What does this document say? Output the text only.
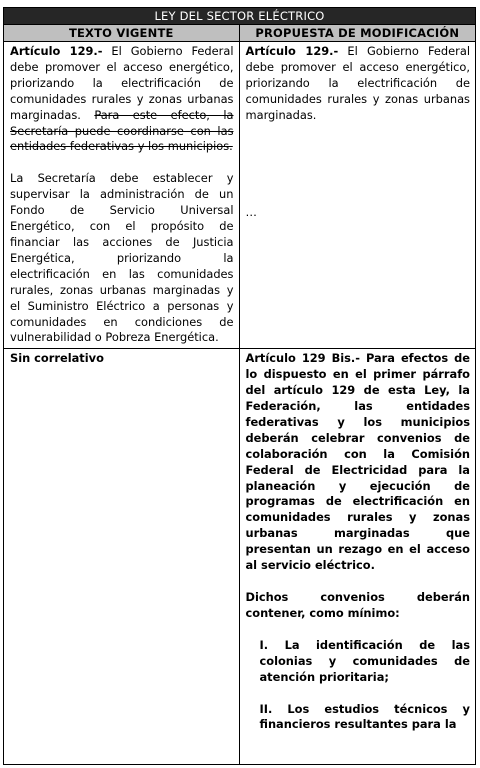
LEY DEL SECTOR ELÉCTRICO
TEXTO VIGENTE	PROPUESTA DE MODIFICACIÓN

Artículo 129.- El Gobierno Federal debe promover el acceso energético, priorizando la electrificación de comunidades rurales y zonas urbanas marginadas. Para este efecto, la Secretaría puede coordinarse con las entidades federativas y los municipios.

La Secretaría debe establecer y supervisar la administración de un Fondo de Servicio Universal Energético, con el propósito de financiar las acciones de Justicia Energética, priorizando la electrificación en las comunidades rurales, zonas urbanas marginadas y el Suministro Eléctrico a personas y comunidades en condiciones de vulnerabilidad o Pobreza Energética.

Artículo 129.- El Gobierno Federal debe promover el acceso energético, priorizando la electrificación de comunidades rurales y zonas urbanas marginadas.

…

Sin correlativo	Artículo 129 Bis.- Para efectos de lo dispuesto en el primer párrafo del artículo 129 de esta Ley, la Federación, las entidades federativas y los municipios deberán celebrar convenios de colaboración con la Comisión Federal de Electricidad para la planeación y ejecución de programas de electrificación en comunidades rurales y zonas urbanas marginadas que presentan un rezago en el acceso al servicio eléctrico.

Dichos convenios deberán contener, como mínimo:

I. La identificación de las colonias y comunidades de atención prioritaria;

II. Los estudios técnicos y financieros resultantes para la
